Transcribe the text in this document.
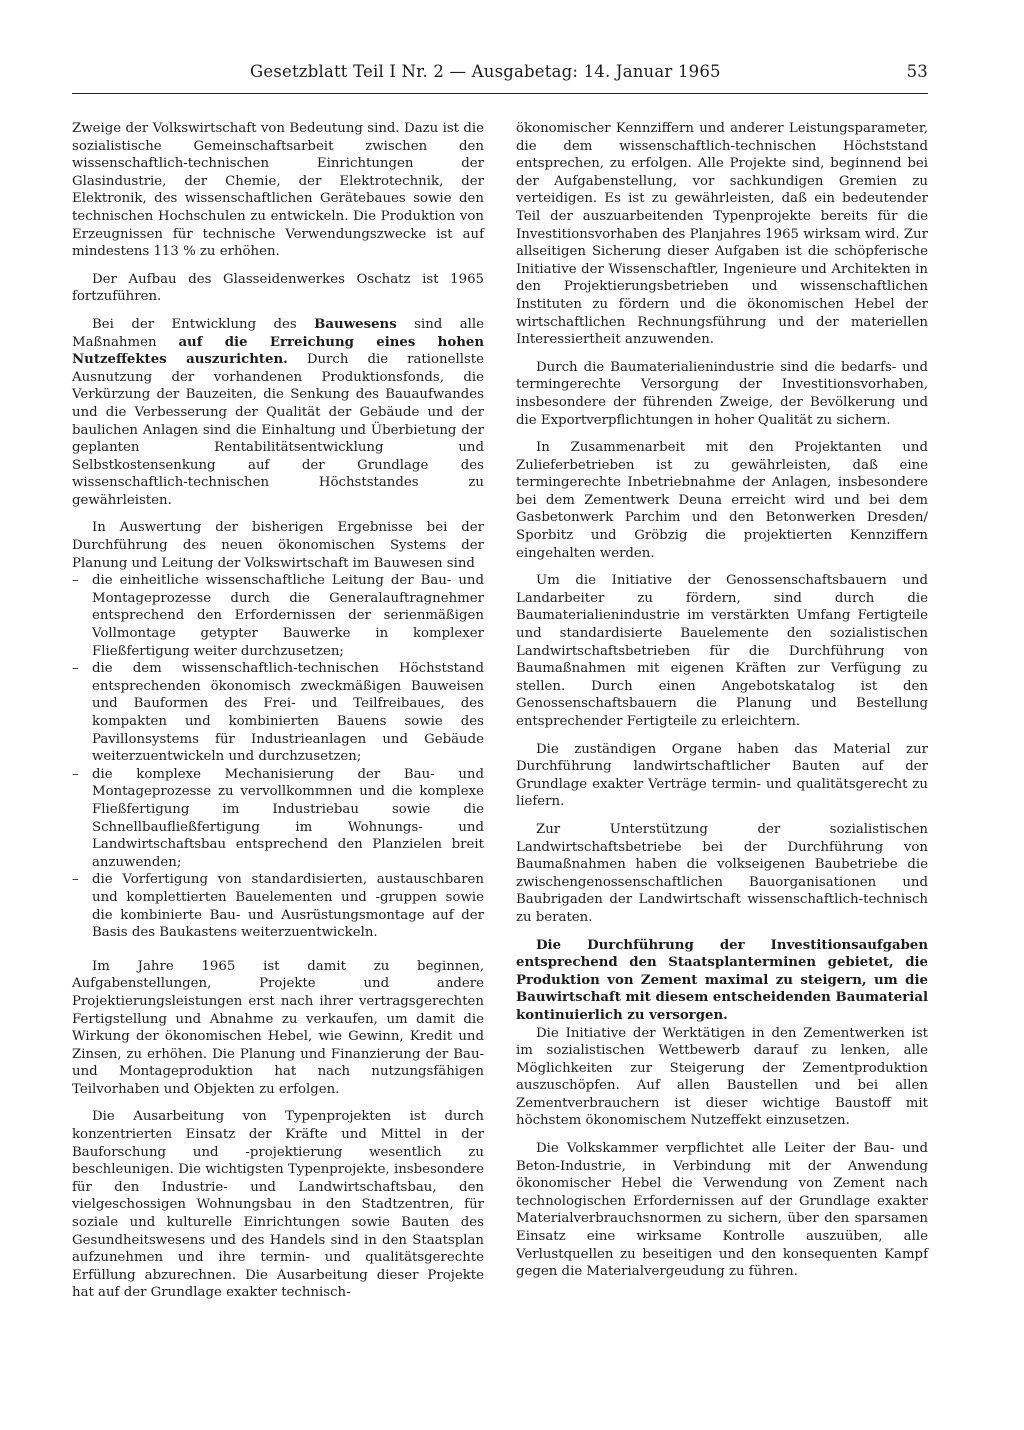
Gesetzblatt Teil I Nr. 2 — Ausgabetag: 14. Januar 1965	53

Zweige der Volkswirtschaft von Bedeutung sind. Dazu ist die sozialistische Gemeinschaftsarbeit zwischen den wissenschaftlich-technischen Einrichtungen der Glasindustrie, der Chemie, der Elektrotechnik, der Elektronik, des wissenschaftlichen Gerätebaues sowie den technischen Hochschulen zu entwickeln. Die Produktion von Erzeugnissen für technische Verwendungszwecke ist auf mindestens 113 % zu erhöhen.

Der Aufbau des Glasseidenwerkes Oschatz ist 1965 fortzuführen.

Bei der Entwicklung des Bauwesens sind alle Maßnahmen auf die Erreichung eines hohen Nutzeffektes auszurichten. Durch die rationellste Ausnutzung der vorhandenen Produktionsfonds, die Verkürzung der Bauzeiten, die Senkung des Bauaufwandes und die Verbesserung der Qualität der Gebäude und der baulichen Anlagen sind die Einhaltung und Überbietung der geplanten Rentabilitätsentwicklung und Selbstkostensenkung auf der Grundlage des wissenschaftlich-technischen Höchststandes zu gewährleisten.

In Auswertung der bisherigen Ergebnisse bei der Durchführung des neuen ökonomischen Systems der Planung und Leitung der Volkswirtschaft im Bauwesen sind

– die einheitliche wissenschaftliche Leitung der Bau- und Montageprozesse durch die Generalauftragnehmer entsprechend den Erfordernissen der serienmäßigen Vollmontage getypter Bauwerke in komplexer Fließfertigung weiter durchzusetzen;
– die dem wissenschaftlich-technischen Höchststand entsprechenden ökonomisch zweckmäßigen Bauweisen und Bauformen des Frei- und Teilfreibaues, des kompakten und kombinierten Bauens sowie des Pavillonsystems für Industrieanlagen und Gebäude weiterzuentwickeln und durchzusetzen;
– die komplexe Mechanisierung der Bau- und Montageprozesse zu vervollkommnen und die komplexe Fließfertigung im Industriebau sowie die Schnellbaufließfertigung im Wohnungs- und Landwirtschaftsbau entsprechend den Planzielen breit anzuwenden;
– die Vorfertigung von standardisierten, austauschbaren und komplettierten Bauelementen und -gruppen sowie die kombinierte Bau- und Ausrüstungsmontage auf der Basis des Baukastens weiterzuentwickeln.

Im Jahre 1965 ist damit zu beginnen, Aufgabenstellungen, Projekte und andere Projektierungsleistungen erst nach ihrer vertragsgerechten Fertigstellung und Abnahme zu verkaufen, um damit die Wirkung der ökonomischen Hebel, wie Gewinn, Kredit und Zinsen, zu erhöhen. Die Planung und Finanzierung der Bau- und Montageproduktion hat nach nutzungsfähigen Teilvorhaben und Objekten zu erfolgen.

Die Ausarbeitung von Typenprojekten ist durch konzentrierten Einsatz der Kräfte und Mittel in der Bauforschung und -projektierung wesentlich zu beschleunigen. Die wichtigsten Typenprojekte, insbesondere für den Industrie- und Landwirtschaftsbau, den vielgeschossigen Wohnungsbau in den Stadtzentren, für soziale und kulturelle Einrichtungen sowie Bauten des Gesundheitswesens und des Handels sind in den Staatsplan aufzunehmen und ihre termin- und qualitätsgerechte Erfüllung abzurechnen. Die Ausarbeitung dieser Projekte hat auf der Grundlage exakter technisch-

ökonomischer Kennziffern und anderer Leistungsparameter, die dem wissenschaftlich-technischen Höchststand entsprechen, zu erfolgen. Alle Projekte sind, beginnend bei der Aufgabenstellung, vor sachkundigen Gremien zu verteidigen. Es ist zu gewährleisten, daß ein bedeutender Teil der auszuarbeitenden Typenprojekte bereits für die Investitionsvorhaben des Planjahres 1965 wirksam wird. Zur allseitigen Sicherung dieser Aufgaben ist die schöpferische Initiative der Wissenschaftler, Ingenieure und Architekten in den Projektierungsbetrieben und wissenschaftlichen Instituten zu fördern und die ökonomischen Hebel der wirtschaftlichen Rechnungsführung und der materiellen Interessiertheit anzuwenden.

Durch die Baumaterialienindustrie sind die bedarfs- und termingerechte Versorgung der Investitionsvorhaben, insbesondere der führenden Zweige, der Bevölkerung und die Exportverpflichtungen in hoher Qualität zu sichern.

In Zusammenarbeit mit den Projektanten und Zulieferbetrieben ist zu gewährleisten, daß eine termingerechte Inbetriebnahme der Anlagen, insbesondere bei dem Zementwerk Deuna erreicht wird und bei dem Gasbetonwerk Parchim und den Betonwerken Dresden/ Sporbitz und Gröbzig die projektierten Kennziffern eingehalten werden.

Um die Initiative der Genossenschaftsbauern und Landarbeiter zu fördern, sind durch die Baumaterialienindustrie im verstärkten Umfang Fertigteile und standardisierte Bauelemente den sozialistischen Landwirtschaftsbetrieben für die Durchführung von Baumaßnahmen mit eigenen Kräften zur Verfügung zu stellen. Durch einen Angebotskatalog ist den Genossenschaftsbauern die Planung und Bestellung entsprechender Fertigteile zu erleichtern.

Die zuständigen Organe haben das Material zur Durchführung landwirtschaftlicher Bauten auf der Grundlage exakter Verträge termin- und qualitätsgerecht zu liefern.

Zur Unterstützung der sozialistischen Landwirtschaftsbetriebe bei der Durchführung von Baumaßnahmen haben die volkseigenen Baubetriebe die zwischengenossenschaftlichen Bauorganisationen und Baubrigaden der Landwirtschaft wissenschaftlich-technisch zu beraten.

Die Durchführung der Investitionsaufgaben entsprechend den Staatsplanterminen gebietet, die Produktion von Zement maximal zu steigern, um die Bauwirtschaft mit diesem entscheidenden Baumaterial kontinuierlich zu versorgen.

Die Initiative der Werktätigen in den Zementwerken ist im sozialistischen Wettbewerb darauf zu lenken, alle Möglichkeiten zur Steigerung der Zementproduktion auszuschöpfen. Auf allen Baustellen und bei allen Zementverbrauchern ist dieser wichtige Baustoff mit höchstem ökonomischem Nutzeffekt einzusetzen.

Die Volkskammer verpflichtet alle Leiter der Bau- und Beton-Industrie, in Verbindung mit der Anwendung ökonomischer Hebel die Verwendung von Zement nach technologischen Erfordernissen auf der Grundlage exakter Materialverbrauchsnormen zu sichern, über den sparsamen Einsatz eine wirksame Kontrolle auszuüben, alle Verlustquellen zu beseitigen und den konsequenten Kampf gegen die Materialvergeudung zu führen.
